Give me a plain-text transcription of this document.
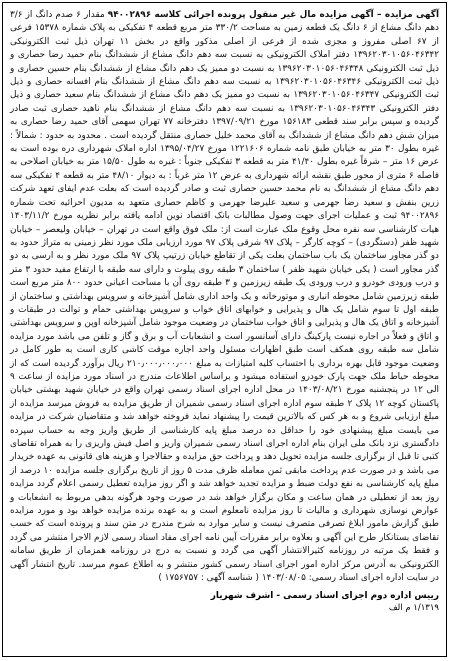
آگهی مزایده – آگهی مزایده مال غیر منقول پرونده اجرائی کلاسه ۹۴۰۰۲۸۹۶ مقدار ۶ صدم دانگ از ۳/۶ دهم دانگ مشاع از ۶ دانگ یک قطعه زمین به مساحت ۳۳۰/۲ متر مربع قطعه ۴ تفکیکی به پلاک شماره ۱۵۳۷۸ فرعی از ۶۷ اصلی مفروز و مجزی شده از فرعی از اصلی مذکور واقع در بخش ۱۱ تهران ذیل ثبت الکترونیکی ۱۳۹۶۲۰۳۰۱۰۵۶۰۴۶۳۴۲ دفتر املاک الکترونیکی به نسبت سه دهم دانگ مشاع از ششدانگ بنام حمید رضا حصاری و ذیل ثبت الکترونیکی ۱۳۹۶۲۰۳۰۱۰۵۶۰۴۶۳۴۸ به نسبت دو ممیز یک دهم دانگ مشاع از ششدانگ بنام حسین حصاری و ذیل ثبت الکترونیکی ۱۳۹۶۲۰۳۰۱۰۵۶۰۴۶۳۴۶ به نسبت سه دهم دانگ مشاع از ششدانگ بنام افسانه حصاری و ذیل ثبت الکترونیکی ۱۳۹۶۲۰۳۰۱۰۵۶۰۴۶۳۴۷ به نسبت دو ممیز یک دهم دانگ مشاع از ششدانگ بنام سعید حصاری و ذیل دفتر الکترونیکی ۱۳۹۶۲۰۳۰۱۰۵۶۰۴۶۳۴۳ به نسبت سه دهم دانگ مشاع از ششدانگ بنام ناهید حصاری ثبت صادر گردیده و سپس برابر سند قطعی ۱۵۶۱۸۳ مورخ ۱۳۹۷/۰۹/۲۱ دفترخانه ۷۷ تهران سهمی آقای حمید رضا حصاری به میزان شش دهم دانگ مشاع از ششدانگ به آقای محمد خلیل حصاری منتقل گردیده است . محدود به حدود : شمالاً : غیره بطول ۳۰ متر به خیابان طبق نامه شماره ۱۲۲۱۶۰۶ مورخ ۱۳۹۵/۰۴/۲۷ اداره املاک شهرداری دره بوده است به عرض ۱۶ متر – شرقاً غیره بطول ۴۱/۴۰ متر به قطعه ۳ تفکیکی جنوباً : غیره به طول ۱۵/۵۰ متر به خیابان اصلاحی به فاصله ۶ متری از محور طبق نقشه ارائه شهرداری به عرض ۱۲ متر غرباً : به دیوار ۴۸/۱۰ متر به قطعه ۴ تفکیکی سه دهم دانگ مشاع از ششدانگ به نام محمد حسین حصاری ثبت و صادر گردیده است که بعلت عدم ایفای تعهد شرکت زرین بنفش و سعید رضا جهرمی و سعید علیرضا جهرمی و کاظم حصاری متعهد به مدیون احرائیه تحت شماره ۹۴۰۰۲۸۹۶ ثبت و عملیات اجرای جهت وصول مطالبات بانک اقتصاد نوین ادامه یافته برابر نظریه مورخ ۱۴۰۳/۱۱/۲ هیات کارشناسی سه نفره محل وقوع ملک عبارت است از: ملک فوق واقع است در تهران – خیابان ولیعصر – خیابان شهید ظفر (دستگردی) – کوچه کارگر – پلاک ۹۷ شرقی پلاک ۹۷ مورد ارزیابی ملک مورد نظر زمینی به متراژ حدود به دو گذر مجاور ساختمان یک باب ساختمان بعلت یکی از تقاطع خیابان زرتیپ پلاک ۹۷ ملک مورد نظر و به ارسی به دو گذر مجاور است ( یکی خیابان شهید ظفر ) ساختمان ۳ طبقه روی پیلوت و دارای سه طبقه با ارتفاع مفید حدود ۳ متر و درب ورودی خودرو و درب ورودی یک طبقه زیرزمین و ۳ طبقه روی آن با مساحت اعیانی حدود ۸۰۰ متر مربع است طبقه زیرزمین شامل محوطه انباری و موتورخانه و یک واحد اداری شامل آشپزخانه و سرویس بهداشتی و ساختمان از طبقه اول تا سوم شامل یک هال و پذیرایی و خوابهای اتاق خواب و سرویس بهداشتی حمام و توالت در طبقات و آشپزخانه و اتاق یک هال و پذیرایی و اتاق خواب ساختمان در وضعیت موجود شامل آشپزخانه اوپن و سرویس بهداشتی و اتاق و فعلاً در اجاره نیست پارکینگ دارای آسانسور است و انشعابات آب و برق و گاز و تلفن می باشد مورد مزایده شامل سه طبقه روی همکف است طبق اظهارات مسئول واحد اجاره موقت کاشی کاری است به طور کامل در وضعیت موجود قابل بهره برداری با احتساب کلیه امتیازات به مبلغ ۲۱۰٫۰۰۰٫۰۰۰٫۰۰۰ ریال برآورد گردیده است که از محوطه حیاط ملک جهت پارک خودرو استفاده میشود و براساس اطلاعات مندرج در اسناد مورد مزایده از ساعت ۹ الی ۱۲ در پنجشنبه مورخ ۱۴۰۳/۰۸/۲۱ در محل اداره اجرای اسناد رسمی تهران واقع در خیابان شهید بهشتی خیابان پاکستان کوچه ۱۲ پلاک ۲ طبقه سوم اداره اجرای اسناد رسمی شمیران از طریق مزایده به فروش میرسد مزایده از مبلغ ارزیابی شروع و به هر کس که بالاترین قیمت را پیشنهاد نماید فروخته خواهد شد و متقاضیان شرکت در مزایده می بایست مبلغ پیشنهادی خود را حداقل ده درصد مبلغ پایه کارشناسی از طریق واریز وجه به حساب سپرده دادگستری نزد بانک ملی ایران بنام اداره اجرای اسناد رسمی شمیران واریز و اصل فیش واریزی را به همراه تقاضای کتبی تا قبل از برگزاری جلسه مزایده تحویل دهد و پرداخت حق مزایده و حقالاجرا و هزینه های قانونی به عهده خریدار می باشد و در صورت عدم پرداخت مابقی ثمن معامله ظرف مدت ۵ روز از تاریخ برگزاری جلسه مزایده ۱۰ درصد از مبلغ پایه کارشناسی به نفع دولت ضبط و مزایده تجدید خواهد شد و اگر روز مزایده تعطیل رسمی اعلام گردد مزایده روز بعد از تعطیلی در همان ساعت و مکان برگزار خواهد شد در صورت وجود هرگونه بدهی مربوط به انشعابات و عوارض نوسازی شهرداری و مالیات تا روز مزایده نامعلوم است و به عهده برنده مزایده خواهد بود و مورد مزایده طبق گزارش مامور ابلاغ تصرفی متصرف نیست و سایر موارد به شرح مندرج در متن سند و پرونده است که حسب تقاضای بستانکار طرح این آگهی و بعلاوه برابر مقررات آیین نامه اجرای مفاد اسناد رسمی لازم الاجرا منتشر می گردد و فقط یک مرتبه در روزنامه کثیرالانتشار آگهی می گردد و نسبت به درج در روزنامه همزمان از طریق سامانه الکترونیکی به آدرس مرکز اداره امور اجرای اسناد رسمی کشور منتشر و به اطلاع عموم میرسد. تاریخ انتشار آگهی در سایت اداره اجرای اسناد رسمی: ۱۴۰۳/۰۸/۰۵ ( شناسه آگهی : ۱۷۵۶۷۵۷ )

رییس اداره دوم اجرای اسناد رسمی - اشرف شهریار
۱/۱۳۱۹ م الف
